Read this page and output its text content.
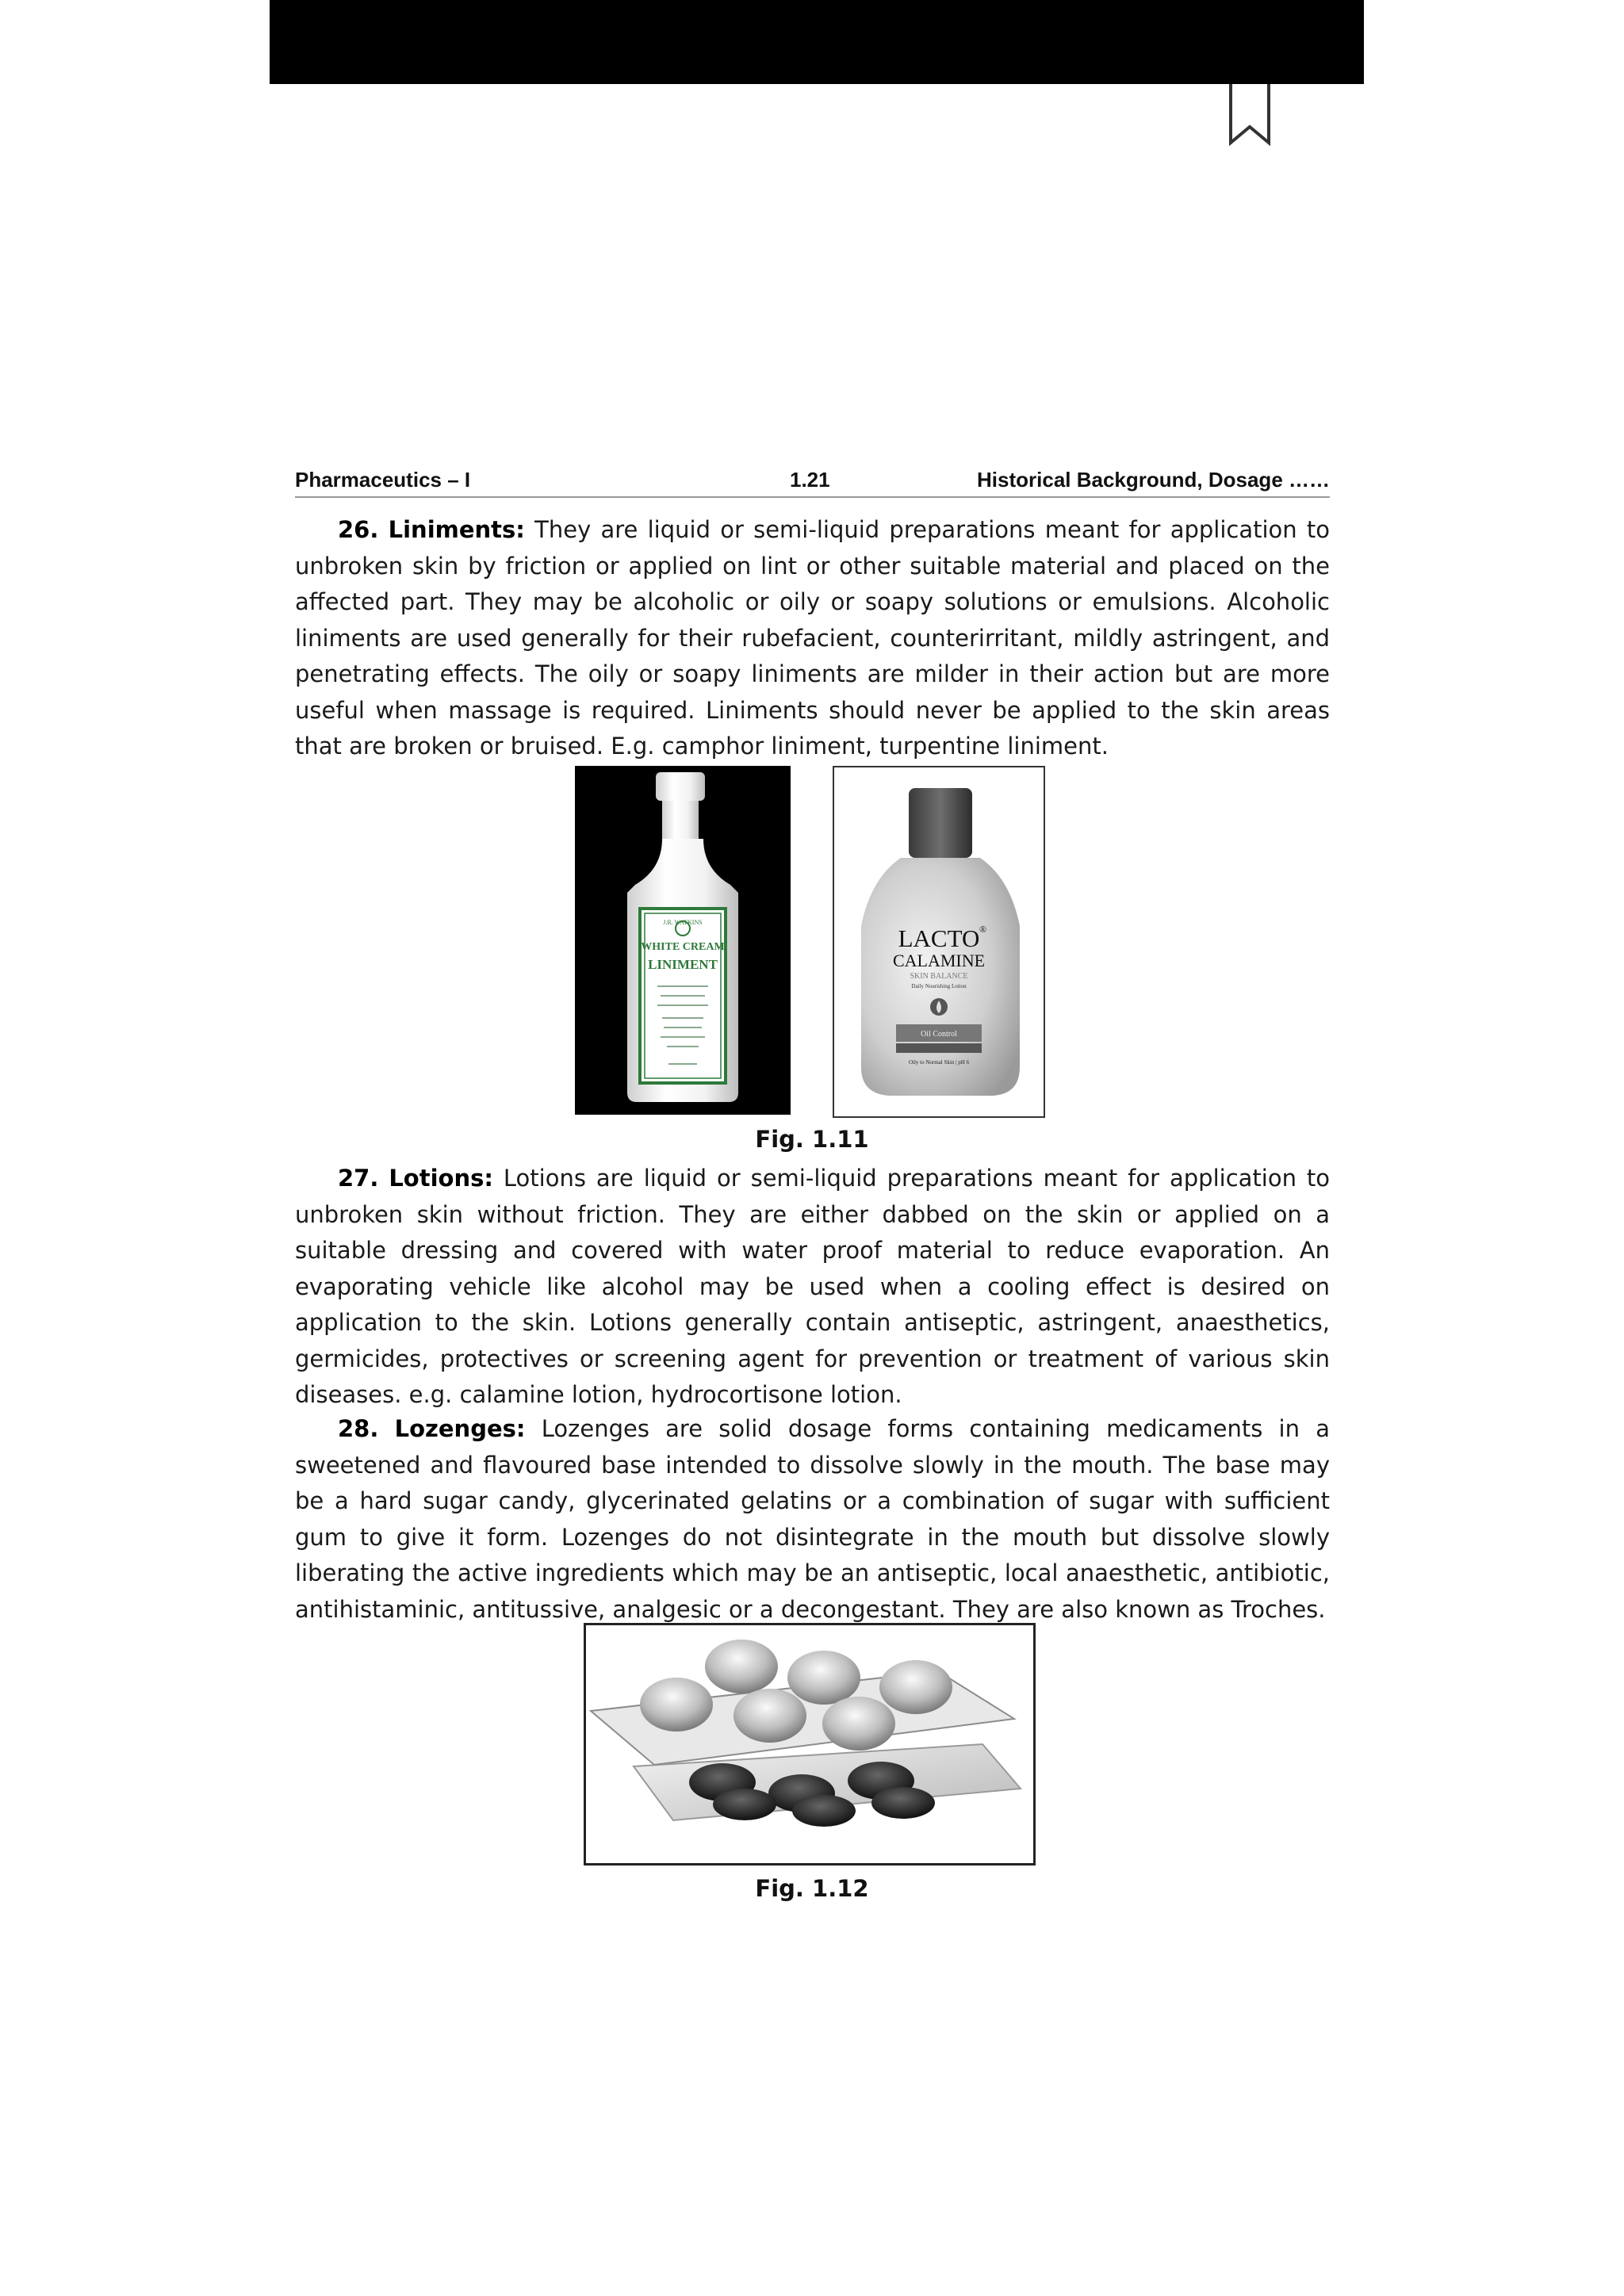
Pharmaceutics – I	1.21	Historical Background, Dosage ……

26. Liniments: They are liquid or semi-liquid preparations meant for application to unbroken skin by friction or applied on lint or other suitable material and placed on the affected part. They may be alcoholic or oily or soapy solutions or emulsions. Alcoholic liniments are used generally for their rubefacient, counterirritant, mildly astringent, and penetrating effects. The oily or soapy liniments are milder in their action but are more useful when massage is required. Liniments should never be applied to the skin areas that are broken or bruised. E.g. camphor liniment, turpentine liniment.

J.R. WATKINS
WHITE CREAM
LINIMENT
LACTO ®
CALAMINE
SKIN BALANCE
Daily Nourishing Lotion
Oil Control
Oily to Normal Skin | pH 6
Fig. 1.11

27. Lotions: Lotions are liquid or semi-liquid preparations meant for application to unbroken skin without friction. They are either dabbed on the skin or applied on a suitable dressing and covered with water proof material to reduce evaporation. An evaporating vehicle like alcohol may be used when a cooling effect is desired on application to the skin. Lotions generally contain antiseptic, astringent, anaesthetics, germicides, protectives or screening agent for prevention or treatment of various skin diseases. e.g. calamine lotion, hydrocortisone lotion.

28. Lozenges: Lozenges are solid dosage forms containing medicaments in a sweetened and flavoured base intended to dissolve slowly in the mouth. The base may be a hard sugar candy, glycerinated gelatins or a combination of sugar with sufficient gum to give it form. Lozenges do not disintegrate in the mouth but dissolve slowly liberating the active ingredients which may be an antiseptic, local anaesthetic, antibiotic, antihistaminic, antitussive, analgesic or a decongestant. They are also known as Troches.

Fig. 1.12
